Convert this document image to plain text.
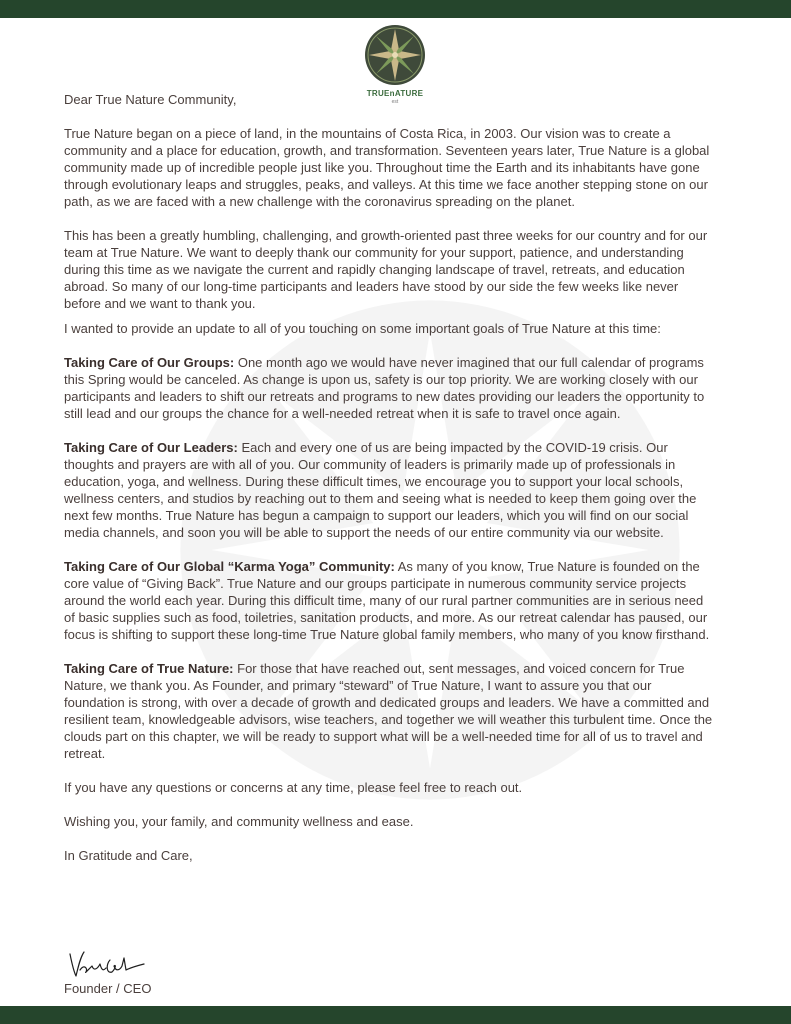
TRUEnATURE
est

Dear True Nature Community,

True Nature began on a piece of land, in the mountains of Costa Rica, in 2003. Our vision was to create a community and a place for education, growth, and transformation. Seventeen years later, True Nature is a global community made up of incredible people just like you. Throughout time the Earth and its inhabitants have gone through evolutionary leaps and struggles, peaks, and valleys. At this time we face another stepping stone on our path, as we are faced with a new challenge with the coronavirus spreading on the planet.

This has been a greatly humbling, challenging, and growth-oriented past three weeks for our country and for our team at True Nature. We want to deeply thank our community for your support, patience, and understanding during this time as we navigate the current and rapidly changing landscape of travel, retreats, and education abroad. So many of our long-time participants and leaders have stood by our side the few weeks like never before and we want to thank you.

I wanted to provide an update to all of you touching on some important goals of True Nature at this time:

Taking Care of Our Groups: One month ago we would have never imagined that our full calendar of programs this Spring would be canceled. As change is upon us, safety is our top priority. We are working closely with our participants and leaders to shift our retreats and programs to new dates providing our leaders the opportunity to still lead and our groups the chance for a well-needed retreat when it is safe to travel once again.

Taking Care of Our Leaders: Each and every one of us are being impacted by the COVID-19 crisis. Our thoughts and prayers are with all of you. Our community of leaders is primarily made up of professionals in education, yoga, and wellness. During these difficult times, we encourage you to support your local schools, wellness centers, and studios by reaching out to them and seeing what is needed to keep them going over the next few months. True Nature has begun a campaign to support our leaders, which you will find on our social media channels, and soon you will be able to support the needs of our entire community via our website.

Taking Care of Our Global “Karma Yoga” Community: As many of you know, True Nature is founded on the core value of “Giving Back”. True Nature and our groups participate in numerous community service projects around the world each year. During this difficult time, many of our rural partner communities are in serious need of basic supplies such as food, toiletries, sanitation products, and more. As our retreat calendar has paused, our focus is shifting to support these long-time True Nature global family members, who many of you know firsthand.

Taking Care of True Nature: For those that have reached out, sent messages, and voiced concern for True Nature, we thank you. As Founder, and primary “steward” of True Nature, I want to assure you that our foundation is strong, with over a decade of growth and dedicated groups and leaders. We have a committed and resilient team, knowledgeable advisors, wise teachers, and together we will weather this turbulent time. Once the clouds part on this chapter, we will be ready to support what will be a well-needed time for all of us to travel and retreat.

If you have any questions or concerns at any time, please feel free to reach out.

Wishing you, your family, and community wellness and ease.

In Gratitude and Care,

Founder / CEO
